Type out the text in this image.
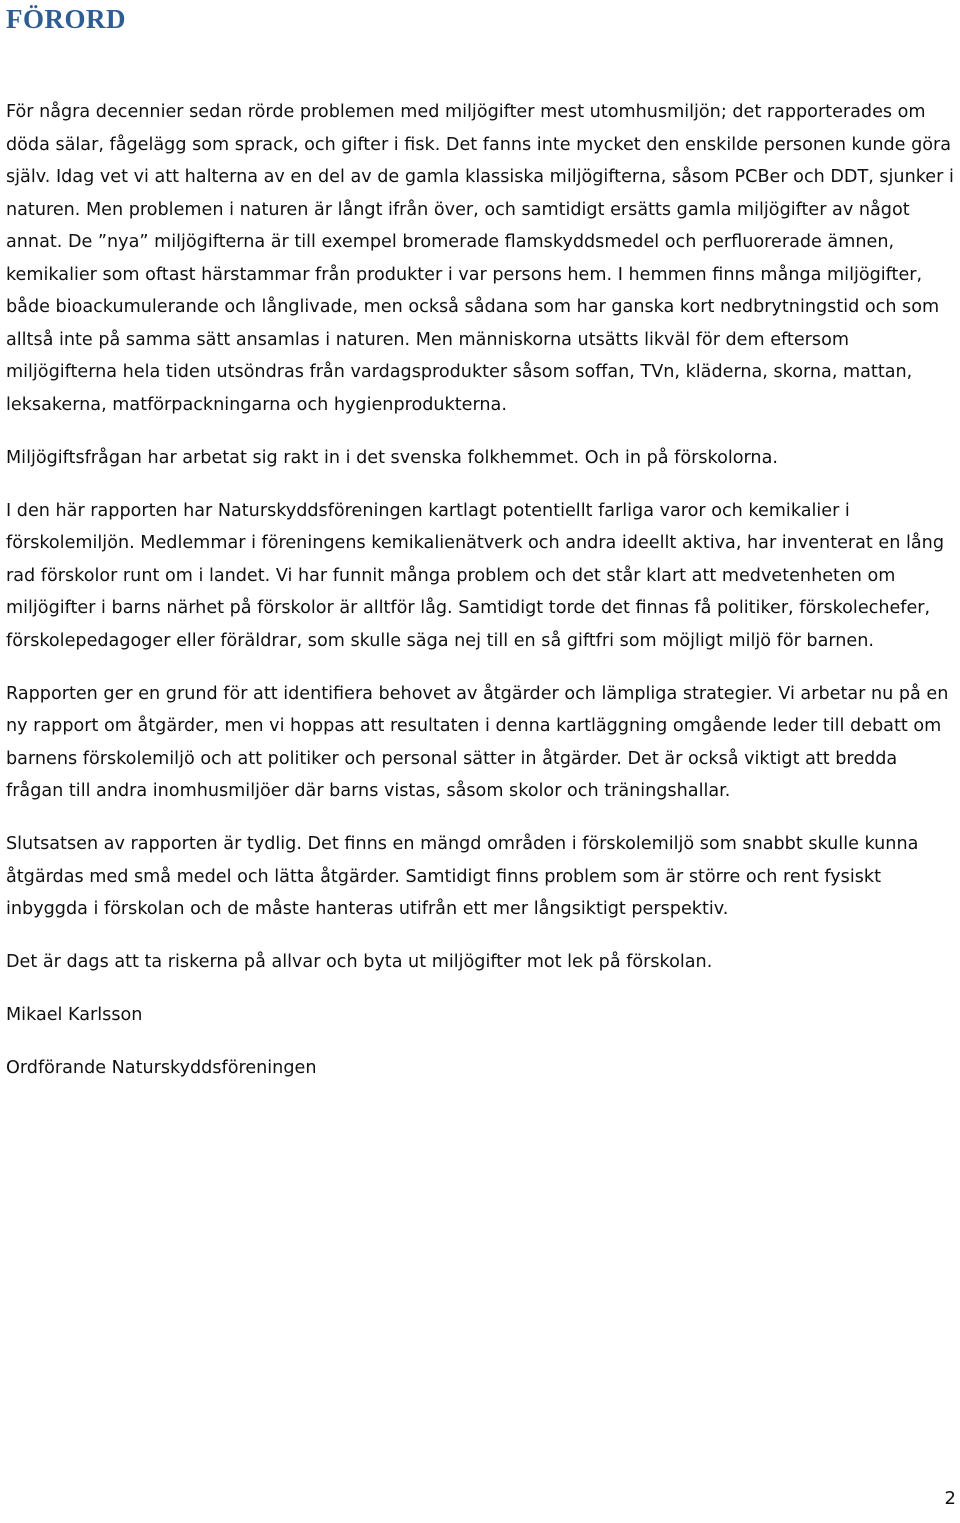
FÖRORD

För några decennier sedan rörde problemen med miljögifter mest utomhusmiljön; det rapporterades om döda sälar, fågelägg som sprack, och gifter i fisk. Det fanns inte mycket den enskilde personen kunde göra själv. Idag vet vi att halterna av en del av de gamla klassiska miljögifterna, såsom PCBer och DDT, sjunker i naturen. Men problemen i naturen är långt ifrån över, och samtidigt ersätts gamla miljögifter av något annat. De ”nya” miljögifterna är till exempel bromerade flamskyddsmedel och perfluorerade ämnen, kemikalier som oftast härstammar från produkter i var persons hem. I hemmen finns många miljögifter, både bioackumulerande och långlivade, men också sådana som har ganska kort nedbrytningstid och som alltså inte på samma sätt ansamlas i naturen. Men människorna utsätts likväl för dem eftersom miljögifterna hela tiden utsöndras från vardagsprodukter såsom soffan, TVn, kläderna, skorna, mattan, leksakerna, matförpackningarna och hygienprodukterna.

Miljögiftsfrågan har arbetat sig rakt in i det svenska folkhemmet. Och in på förskolorna.

I den här rapporten har Naturskyddsföreningen kartlagt potentiellt farliga varor och kemikalier i förskolemiljön. Medlemmar i föreningens kemikalienätverk och andra ideellt aktiva, har inventerat en lång rad förskolor runt om i landet. Vi har funnit många problem och det står klart att medvetenheten om miljögifter i barns närhet på förskolor är alltför låg. Samtidigt torde det finnas få politiker, förskolechefer, förskolepedagoger eller föräldrar, som skulle säga nej till en så giftfri som möjligt miljö för barnen.

Rapporten ger en grund för att identifiera behovet av åtgärder och lämpliga strategier. Vi arbetar nu på en ny rapport om åtgärder, men vi hoppas att resultaten i denna kartläggning omgående leder till debatt om barnens förskolemiljö och att politiker och personal sätter in åtgärder. Det är också viktigt att bredda frågan till andra inomhusmiljöer där barns vistas, såsom skolor och träningshallar.

Slutsatsen av rapporten är tydlig. Det finns en mängd områden i förskolemiljö som snabbt skulle kunna åtgärdas med små medel och lätta åtgärder. Samtidigt finns problem som är större och rent fysiskt inbyggda i förskolan och de måste hanteras utifrån ett mer långsiktigt perspektiv.

Det är dags att ta riskerna på allvar och byta ut miljögifter mot lek på förskolan.

Mikael Karlsson

Ordförande Naturskyddsföreningen

2
